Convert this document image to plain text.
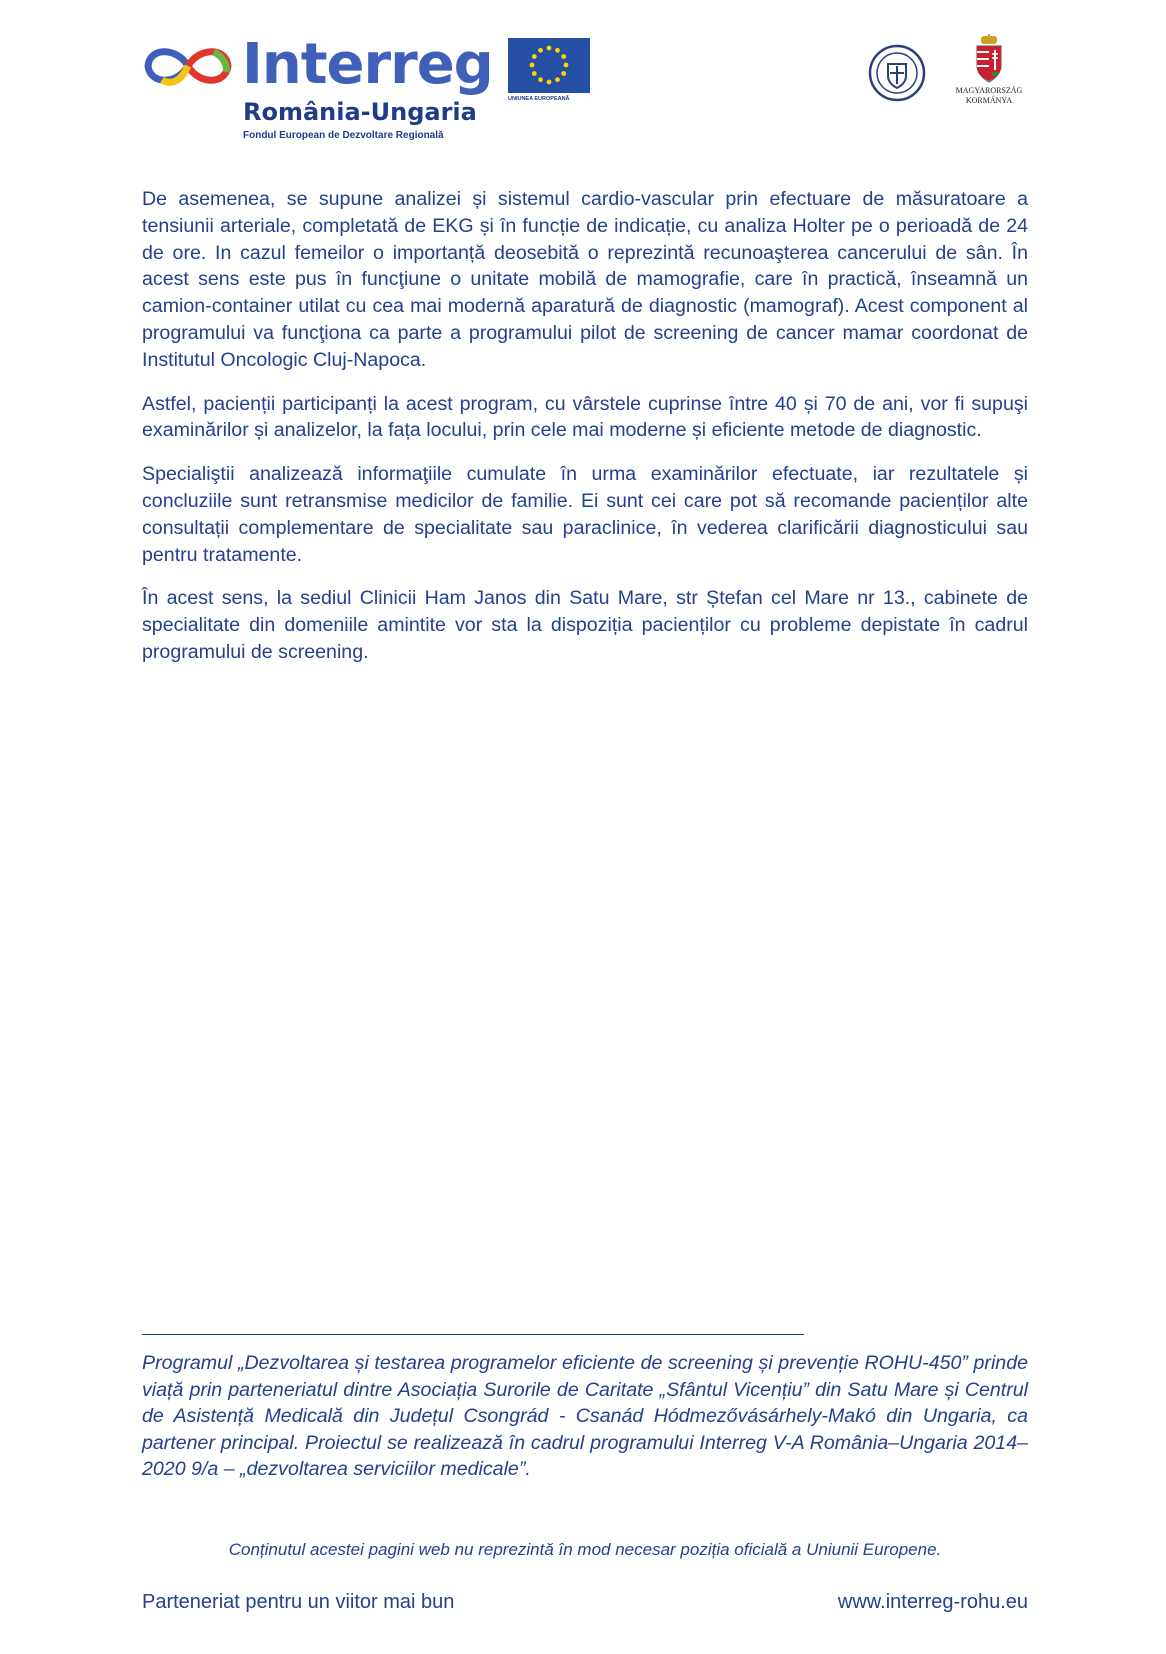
Interreg
România-Ungaria
Fondul European de Dezvoltare Regională
UNIUNEA EUROPEANĂ
MAGYARORSZÁG
KORMÁNYA

De asemenea, se supune analizei și sistemul cardio-vascular prin efectuare de măsuratoare a tensiunii arteriale, completată de EKG și în funcție de indicație, cu analiza Holter pe o perioadă de 24 de ore. In cazul femeilor o importanță deosebită o reprezintă recunoaşterea cancerului de sân. În acest sens este pus în funcţiune o unitate mobilă de mamografie, care în practică, înseamnă un camion-container utilat cu cea mai modernă aparatură de diagnostic (mamograf). Acest component al programului va funcţiona ca parte a programului pilot de screening de cancer mamar coordonat de Institutul Oncologic Cluj-Napoca.

Astfel, pacienții participanți la acest program, cu vârstele cuprinse între 40 și 70 de ani, vor fi supuşi examinărilor și analizelor, la fața locului, prin cele mai moderne și eficiente metode de diagnostic.

Specialiştii analizează informaţiile cumulate în urma examinărilor efectuate, iar rezultatele și concluziile sunt retransmise medicilor de familie. Ei sunt cei care pot să recomande pacienților alte consultații complementare de specialitate sau paraclinice, în vederea clarificării diagnosticului sau pentru tratamente.

În acest sens, la sediul Clinicii Ham Janos din Satu Mare, str Ștefan cel Mare nr 13., cabinete de specialitate din domeniile amintite vor sta la dispoziția pacienților cu probleme depistate în cadrul programului de screening.

Programul „Dezvoltarea și testarea programelor eficiente de screening și prevenție ROHU-450” prinde viață prin parteneriatul dintre Asociația Surorile de Caritate „Sfântul Vicențiu” din Satu Mare și Centrul de Asistență Medicală din Județul Csongrád - Csanád Hódmezővásárhely-Makó din Ungaria, ca partener principal. Proiectul se realizează în cadrul programului Interreg V-A România–Ungaria 2014–2020 9/a – „dezvoltarea serviciilor medicale”.

Conținutul acestei pagini web nu reprezintă în mod necesar poziția oficială a Uniunii Europene.

Parteneriat pentru un viitor mai bun	www.interreg-rohu.eu
